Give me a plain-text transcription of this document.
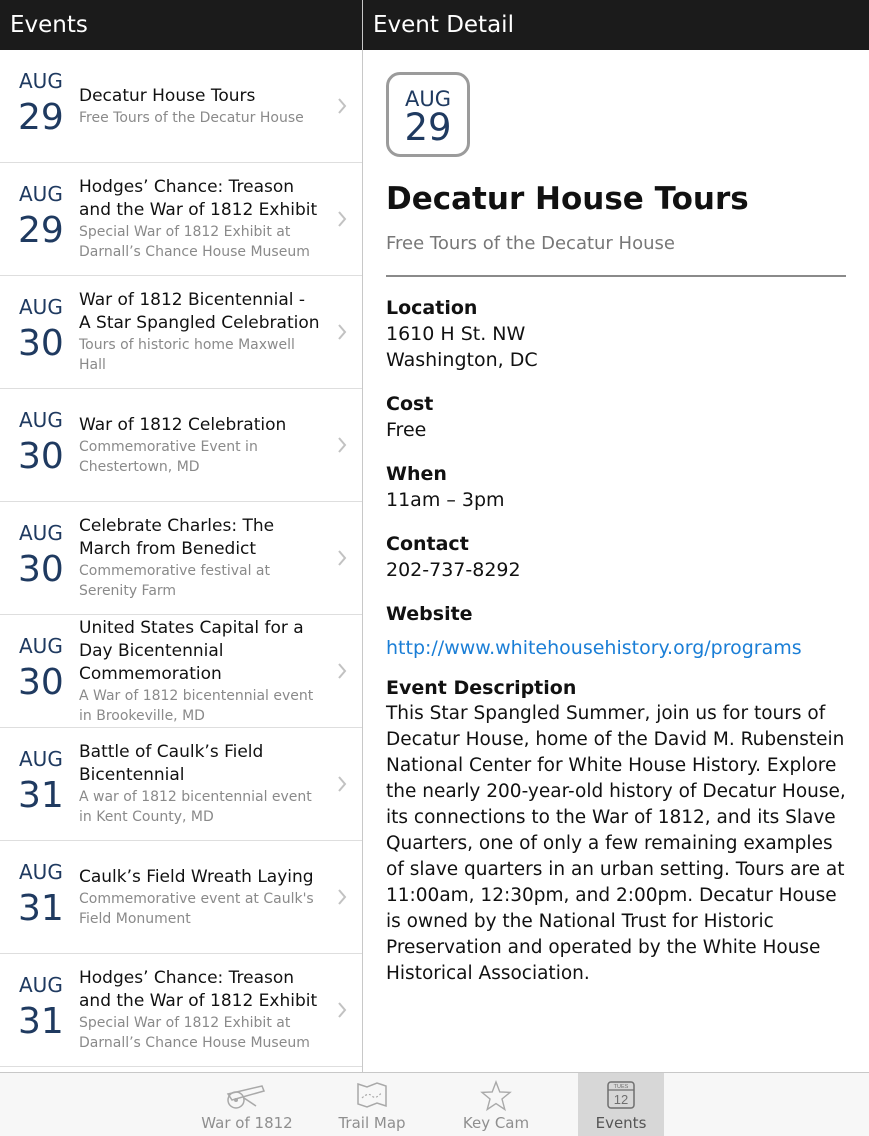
Events	Event Detail
AUG
29
Decatur House Tours
Free Tours of the Decatur House
AUG
29
Hodges’ Chance: Treason and the War of 1812 Exhibit
Special War of 1812 Exhibit at Darnall’s Chance House Museum
AUG
30
War of 1812 Bicentennial - A Star Spangled Celebration
Tours of historic home Maxwell Hall
AUG
30
War of 1812 Celebration
Commemorative Event in Chestertown, MD
AUG
30
Celebrate Charles: The March from Benedict
Commemorative festival at Serenity Farm
AUG
30
United States Capital for a Day Bicentennial Commemoration
A War of 1812 bicentennial event in Brookeville, MD
AUG
31
Battle of Caulk’s Field Bicentennial
A war of 1812 bicentennial event in Kent County, MD
AUG
31
Caulk’s Field Wreath Laying
Commemorative event at Caulk's Field Monument
AUG
31
Hodges’ Chance: Treason and the War of 1812 Exhibit
Special War of 1812 Exhibit at Darnall’s Chance House Museum
AUG
29
Decatur House Tours
Free Tours of the Decatur House
Location
1610 H St. NW
Washington, DC
Cost
Free
When
11am – 3pm
Contact
202-737-8292
Website
http://www.whitehousehistory.org/programs
Event Description
This Star Spangled Summer, join us for tours of Decatur House, home of the David M. Rubenstein National Center for White House History. Explore the nearly 200-year-old history of Decatur House, its connections to the War of 1812, and its Slave Quarters, one of only a few remaining examples of slave quarters in an urban setting. Tours are at 11:00am, 12:30pm, and 2:00pm. Decatur House is owned by the National Trust for Historic Preservation and operated by the White House Historical Association.
War of 1812	Trail Map	Key Cam
TUES
12
Events
